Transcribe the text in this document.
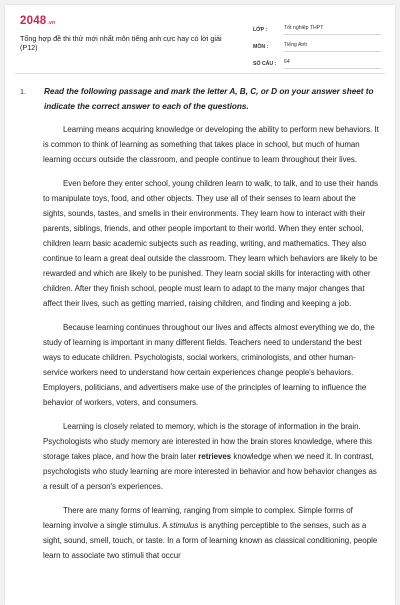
2048.vn
Tổng hợp đề thi thử mới nhất môn tiếng anh cực hay có lời giải (P12)
LỚP :	Tốt nghiệp THPT
MÔN :	Tiếng Anh
SỐ CÂU :	64
1. Read the following passage and mark the letter A, B, C, or D on your answer sheet to indicate the correct answer to each of the questions.

Learning means acquiring knowledge or developing the ability to perform new behaviors. It is common to think of learning as something that takes place in school, but much of human learning occurs outside the classroom, and people continue to learn throughout their lives.

Even before they enter school, young children learn to walk, to talk, and to use their hands to manipulate toys, food, and other objects. They use all of their senses to learn about the sights, sounds, tastes, and smells in their environments. They learn how to interact with their parents, siblings, friends, and other people important to their world. When they enter school, children learn basic academic subjects such as reading, writing, and mathematics. They also continue to learn a great deal outside the classroom. They learn which behaviors are likely to be rewarded and which are likely to be punished. They learn social skills for interacting with other children. After they finish school, people must learn to adapt to the many major changes that affect their lives, such as getting married, raising children, and finding and keeping a job.

Because learning continues throughout our lives and affects almost everything we do, the study of learning is important in many different fields. Teachers need to understand the best ways to educate children. Psychologists, social workers, criminologists, and other human-service workers need to understand how certain experiences change people's behaviors. Employers, politicians, and advertisers make use of the principles of learning to influence the behavior of workers, voters, and consumers.

Learning is closely related to memory, which is the storage of information in the brain. Psychologists who study memory are interested in how the brain stores knowledge, where this storage takes place, and how the brain later retrieves knowledge when we need it. In contrast, psychologists who study learning are more interested in behavior and how behavior changes as a result of a person's experiences.

There are many forms of learning, ranging from simple to complex. Simple forms of learning involve a single stimulus. A stimulus is anything perceptible to the senses, such as a sight, sound, smell, touch, or taste. In a form of learning known as classical conditioning, people learn to associate two stimuli that occur
